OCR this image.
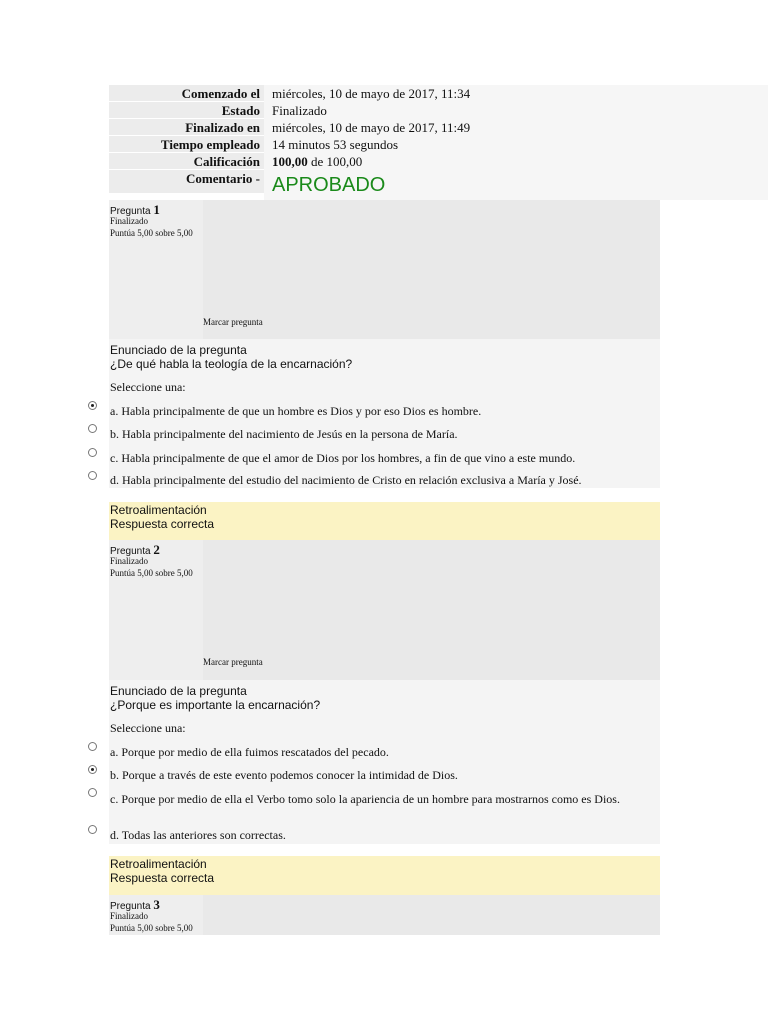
Comenzado el miércoles, 10 de mayo de 2017, 11:34
Estado Finalizado
Finalizado en miércoles, 10 de mayo de 2017, 11:49
Tiempo empleado 14 minutos 53 segundos
Calificación 100,00 de 100,00
Comentario - APROBADO
Pregunta 1
Finalizado
Puntúa 5,00 sobre 5,00
Marcar pregunta
Enunciado de la pregunta
¿De qué habla la teología de la encarnación?
Seleccione una:
a. Habla principalmente de que un hombre es Dios y por eso Dios es hombre.
b. Habla principalmente del nacimiento de Jesús en la persona de María.
c. Habla principalmente de que el amor de Dios por los hombres, a fin de que vino a este mundo.
d. Habla principalmente del estudio del nacimiento de Cristo en relación exclusiva a María y José.
Retroalimentación
Respuesta correcta
Pregunta 2
Finalizado
Puntúa 5,00 sobre 5,00
Marcar pregunta
Enunciado de la pregunta
¿Porque es importante la encarnación?
Seleccione una:
a. Porque por medio de ella fuimos rescatados del pecado.
b. Porque a través de este evento podemos conocer la intimidad de Dios.
c. Porque por medio de ella el Verbo tomo solo la apariencia de un hombre para mostrarnos como es Dios.
d. Todas las anteriores son correctas.
Retroalimentación
Respuesta correcta
Pregunta 3
Finalizado
Puntúa 5,00 sobre 5,00
